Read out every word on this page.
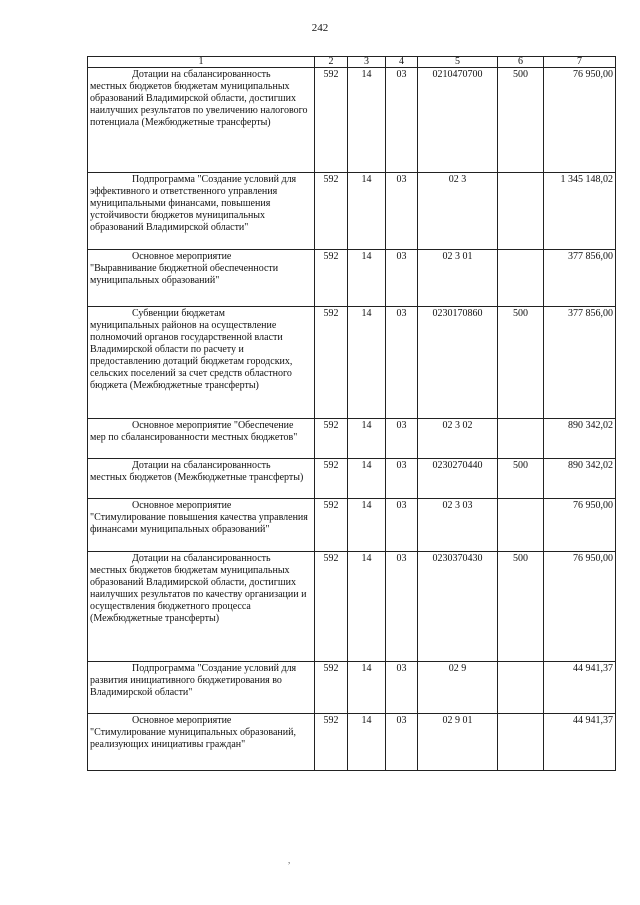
242
1	2	3	4	5	6	7

Дотации на сбалансированность
местных бюджетов бюджетам муниципальных образований Владимирской области, достигших наилучших результатов по увеличению налогового потенциала (Межбюджетные трансферты)	592	14	03	0210470700	500	76 950,00

Подпрограмма "Создание условий для
эффективного и ответственного управления муниципальными финансами, повышения устойчивости бюджетов муниципальных образований Владимирской области"	592	14	03	02 3		1 345 148,02

Основное мероприятие
"Выравнивание бюджетной обеспеченности муниципальных образований"	592	14	03	02 3 01		377 856,00

Субвенции бюджетам
муниципальных районов на осуществление полномочий органов государственной власти Владимирской области по расчету и предоставлению дотаций бюджетам городских, сельских поселений за счет средств областного бюджета (Межбюджетные трансферты)	592	14	03	0230170860	500	377 856,00

Основное мероприятие "Обеспечение
мер по сбалансированности местных бюджетов"	592	14	03	02 3 02		890 342,02

Дотации на сбалансированность
местных бюджетов (Межбюджетные трансферты)	592	14	03	0230270440	500	890 342,02

Основное мероприятие
"Стимулирование повышения качества управления финансами муниципальных образований"	592	14	03	02 3 03		76 950,00

Дотации на сбалансированность
местных бюджетов бюджетам муниципальных образований Владимирской области, достигших наилучших результатов по качеству организации и осуществления бюджетного процесса (Межбюджетные трансферты)	592	14	03	0230370430	500	76 950,00

Подпрограмма "Создание условий для
развития инициативного бюджетирования во Владимирской области"	592	14	03	02 9		44 941,37

Основное мероприятие
"Стимулирование муниципальных образований, реализующих инициативы граждан"	592	14	03	02 9 01		44 941,37
,
